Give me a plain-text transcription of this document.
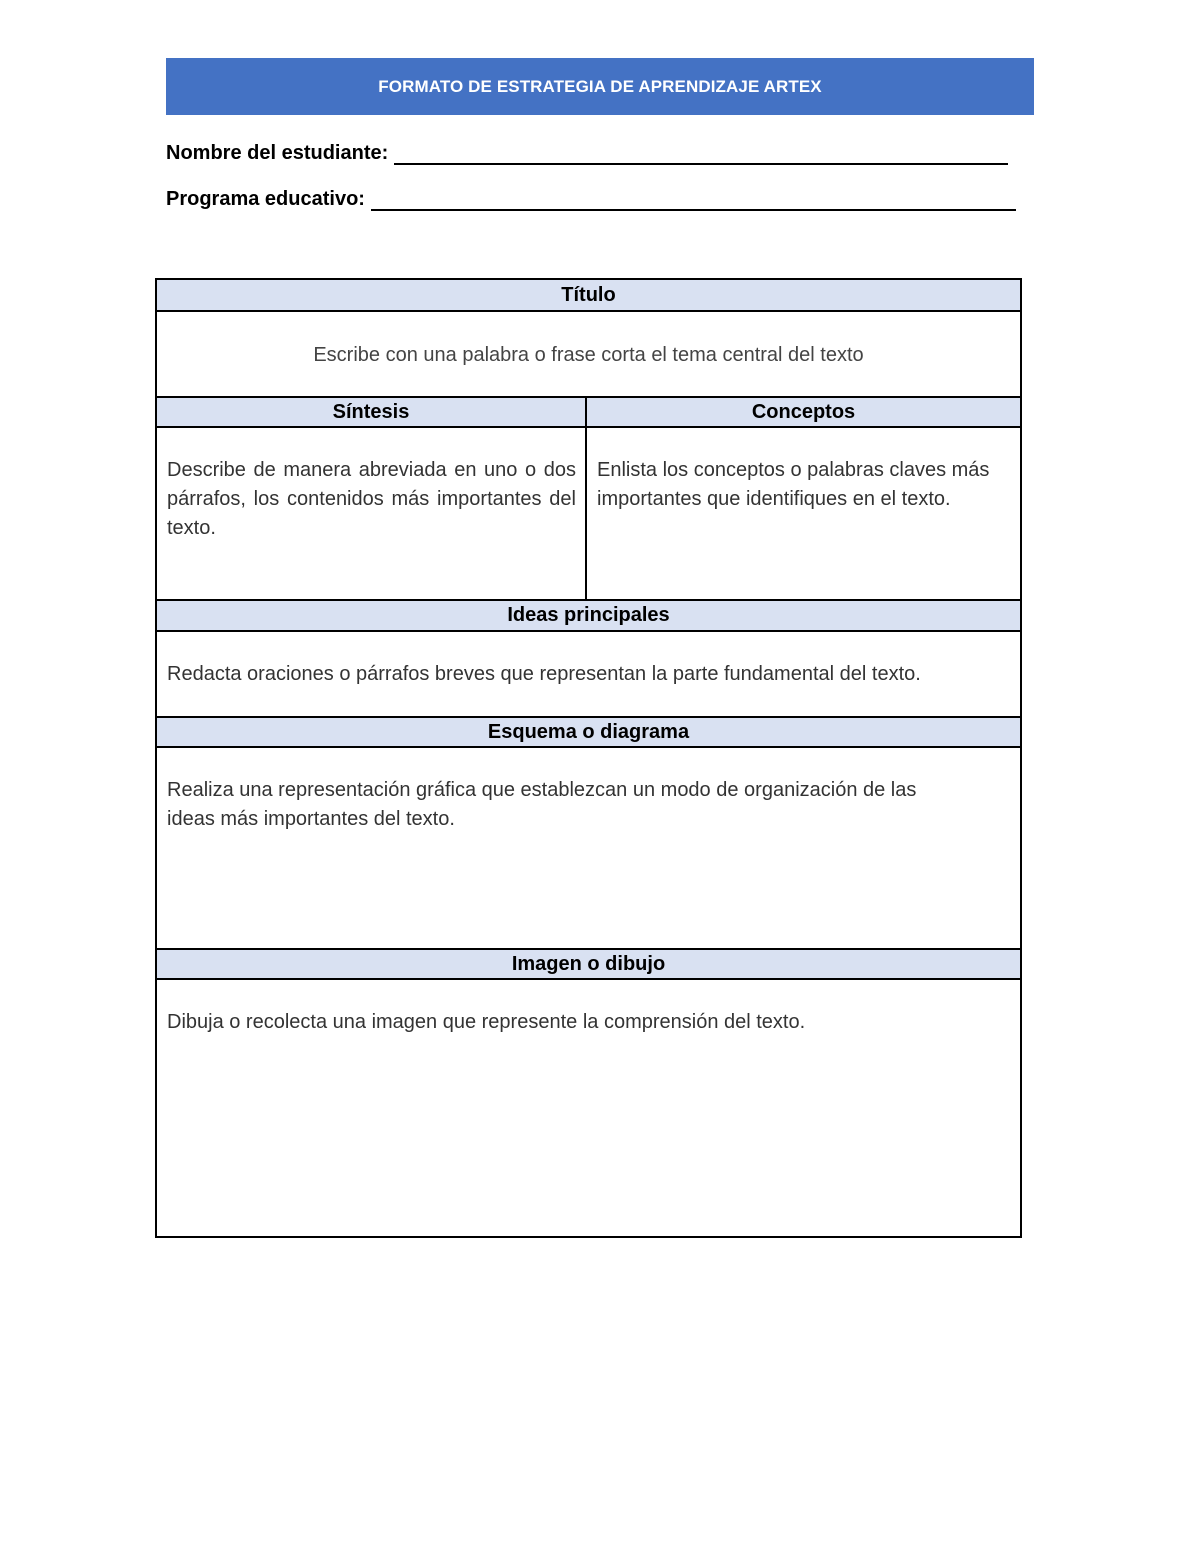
FORMATO DE ESTRATEGIA DE APRENDIZAJE ARTEX
Nombre del estudiante:
Programa educativo:
Título
Escribe con una palabra o frase corta el tema central del texto
Síntesis	Conceptos
Describe de manera abreviada en uno o dos párrafos, los contenidos más importantes del texto.
Enlista los conceptos o palabras claves más importantes que identifiques en el texto.
Ideas principales
Redacta oraciones o párrafos breves que representan la parte fundamental del texto.
Esquema o diagrama
Realiza una representación gráfica que establezcan un modo de organización de las ideas más importantes del texto.
Imagen o dibujo
Dibuja o recolecta una imagen que represente la comprensión del texto.
